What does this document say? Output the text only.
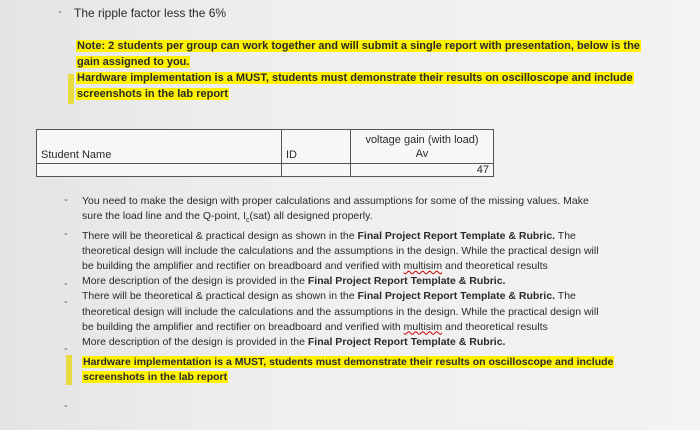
- The ripple factor less the 6%
Note: 2 students per group can work together and will submit a single report with presentation, below is the
gain assigned to you.
Hardware implementation is a MUST, students must demonstrate their results on oscilloscope and include
screenshots in the lab report
Student Name	ID	voltage gain (with load)
Av

		47
-
-
-
-
-
You need to make the design with proper calculations and assumptions for some of the missing values. Make
sure the load line and the Q-point, $I_c(sat)$ all designed properly.
There will be theoretical & practical design as shown in the Final Project Report Template & Rubric. The
theoretical design will include the calculations and the assumptions in the design. While the practical design will
be building the amplifier and rectifier on breadboard and verified with multisim and theoretical results
More description of the design is provided in the Final Project Report Template & Rubric.
There will be theoretical & practical design as shown in the Final Project Report Template & Rubric. The
theoretical design will include the calculations and the assumptions in the design. While the practical design will
be building the amplifier and rectifier on breadboard and verified with multisim and theoretical results
More description of the design is provided in the Final Project Report Template & Rubric.
Hardware implementation is a MUST, students must demonstrate their results on oscilloscope and include
screenshots in the lab report
-
